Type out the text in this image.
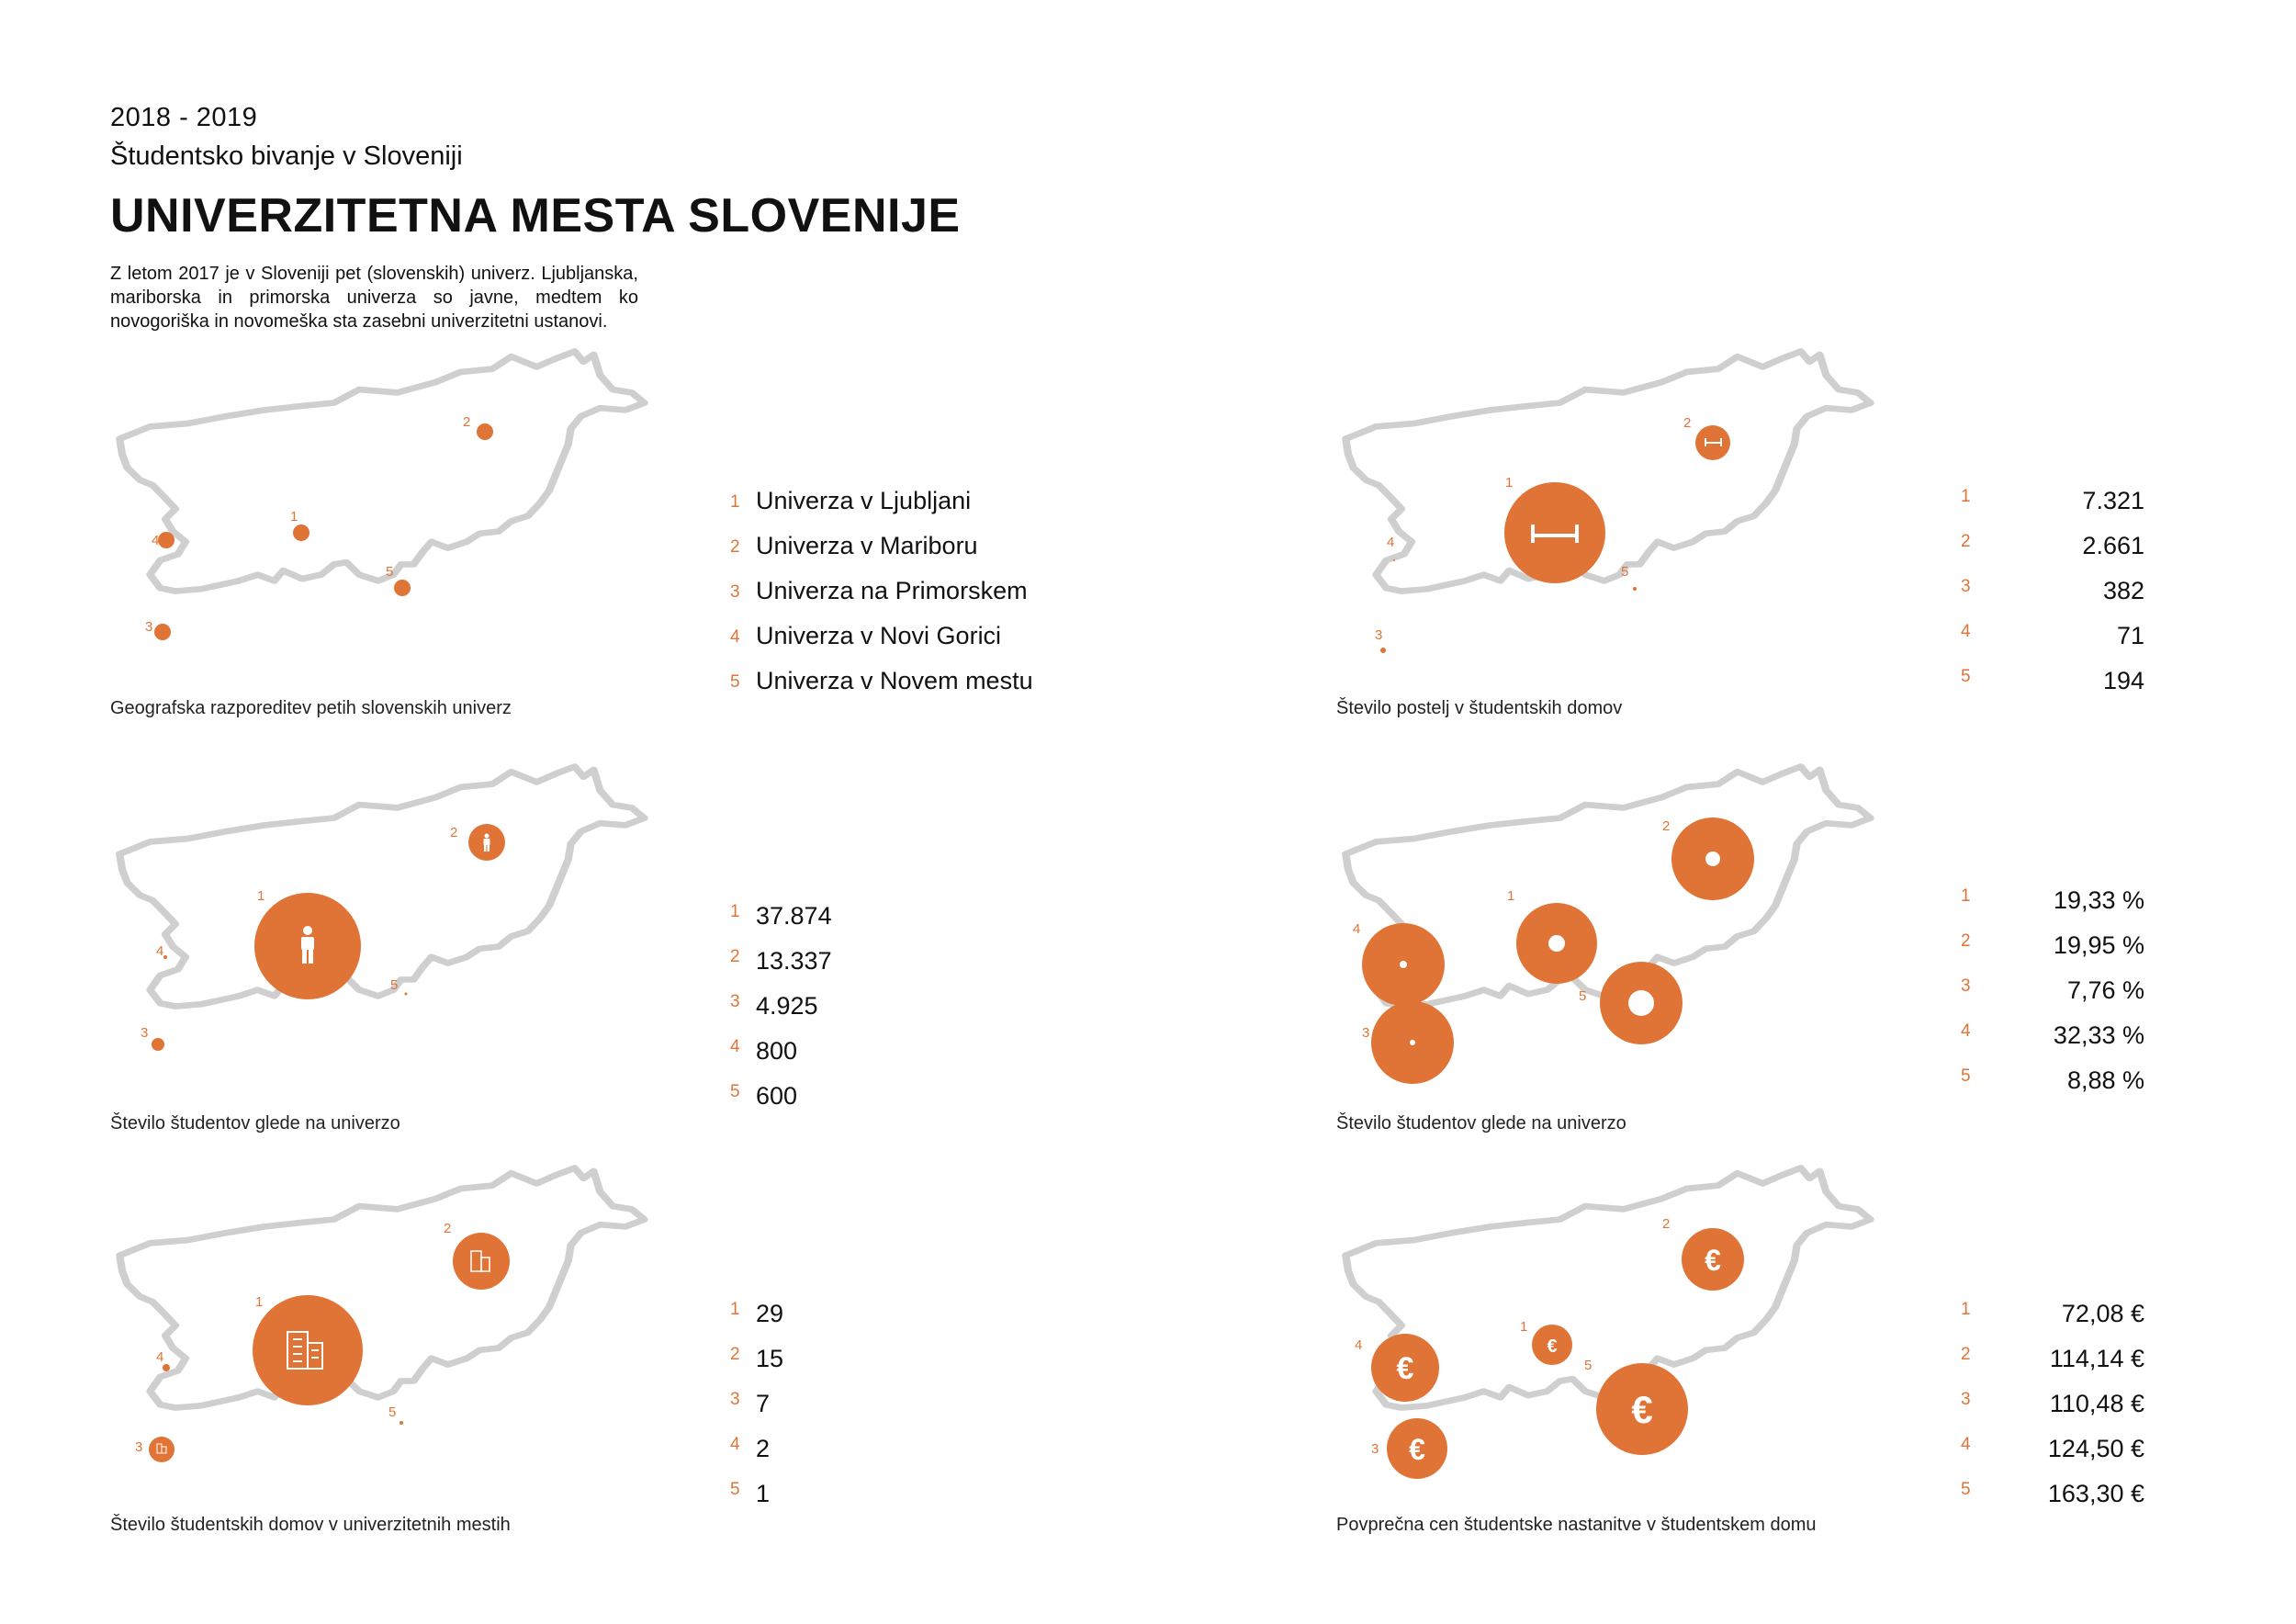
2018 - 2019
Študentsko bivanje v Sloveniji
UNIVERZITETNA MESTA SLOVENIJE
Z letom 2017 je v Sloveniji pet (slovenskih) univerz. Ljubljanska, mariborska in primorska univerza so javne, medtem ko novogoriška in novomeška sta zasebni univerzitetni ustanovi.
1
2
3
4
5
Geografska razporeditev petih slovenskih univerz
1 Univerza v Ljubljani
2 Univerza v Mariboru
3 Univerza na Primorskem
4 Univerza v Novi Gorici
5 Univerza v Novem mestu
1
2
3
4
5
Število postelj v študentskih domov
1	7.321
2	2.661
3	382
4	71
5	194
1
2
3
4
5
Število študentov glede na univerzo
1 37.874
2 13.337
3 4.925
4 800
5 600
1
2
3
4
5
Število študentov glede na univerzo
1	19,33 %
2	19,95 %
3	7,76 %
4	32,33 %
5	8,88 %
1
2
3
4
5
Število študentskih domov v univerzitetnih mestih
1 29
2 15
3 7
4 2
5 1
€
€
€
€
€
1
2
3
4
5
Povprečna cen študentske nastanitve v študentskem domu
1	72,08 €
2	114,14 €
3	110,48 €
4	124,50 €
5	163,30 €
